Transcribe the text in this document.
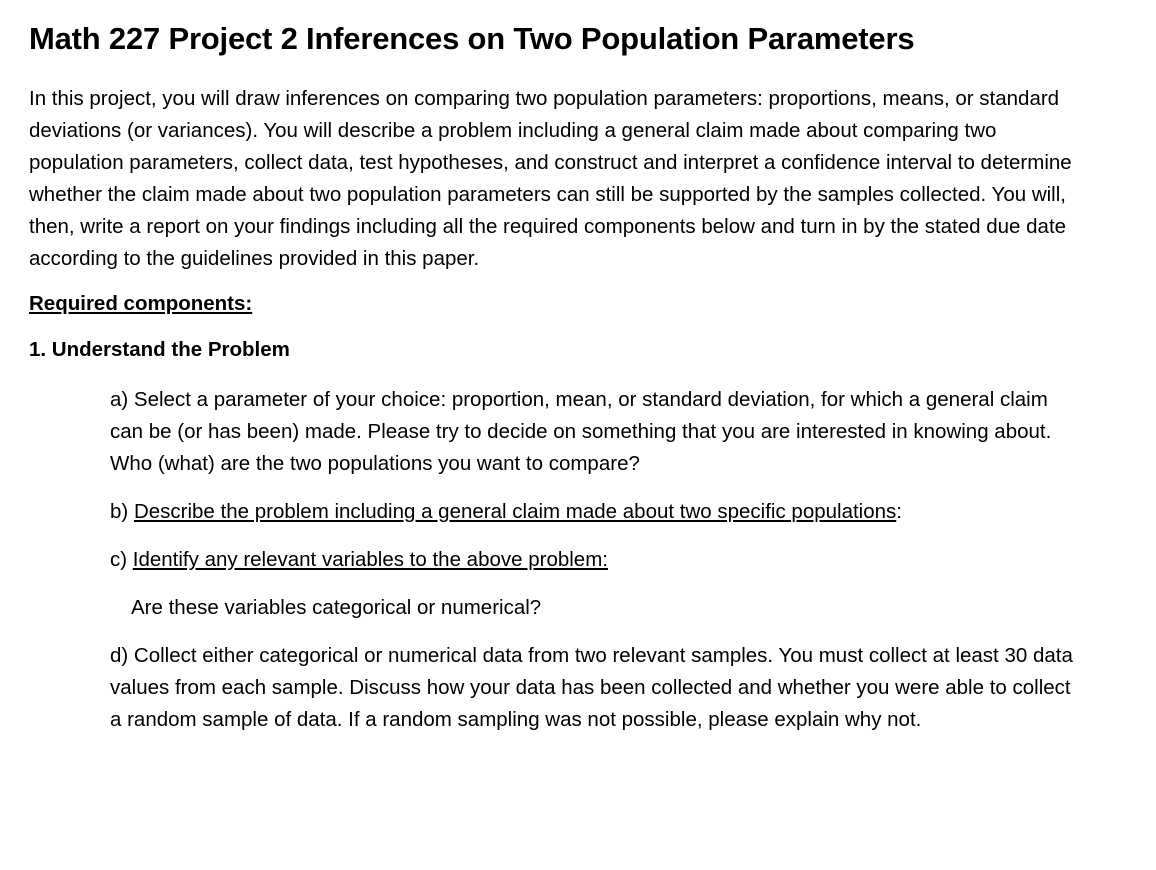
Math 227 Project 2 Inferences on Two Population Parameters

In this project, you will draw inferences on comparing two population parameters: proportions, means, or standard deviations (or variances). You will describe a problem including a general claim made about comparing two population parameters, collect data, test hypotheses, and construct and interpret a confidence interval to determine whether the claim made about two population parameters can still be supported by the samples collected. You will, then, write a report on your findings including all the required components below and turn in by the stated due date according to the guidelines provided in this paper.

Required components:
1. Understand the Problem

a) Select a parameter of your choice: proportion, mean, or standard deviation, for which a general claim can be (or has been) made. Please try to decide on something that you are interested in knowing about. Who (what) are the two populations you want to compare?

b) Describe the problem including a general claim made about two specific populations:

c) Identify any relevant variables to the above problem:

Are these variables categorical or numerical?

d) Collect either categorical or numerical data from two relevant samples. You must collect at least 30 data values from each sample. Discuss how your data has been collected and whether you were able to collect a random sample of data. If a random sampling was not possible, please explain why not.
